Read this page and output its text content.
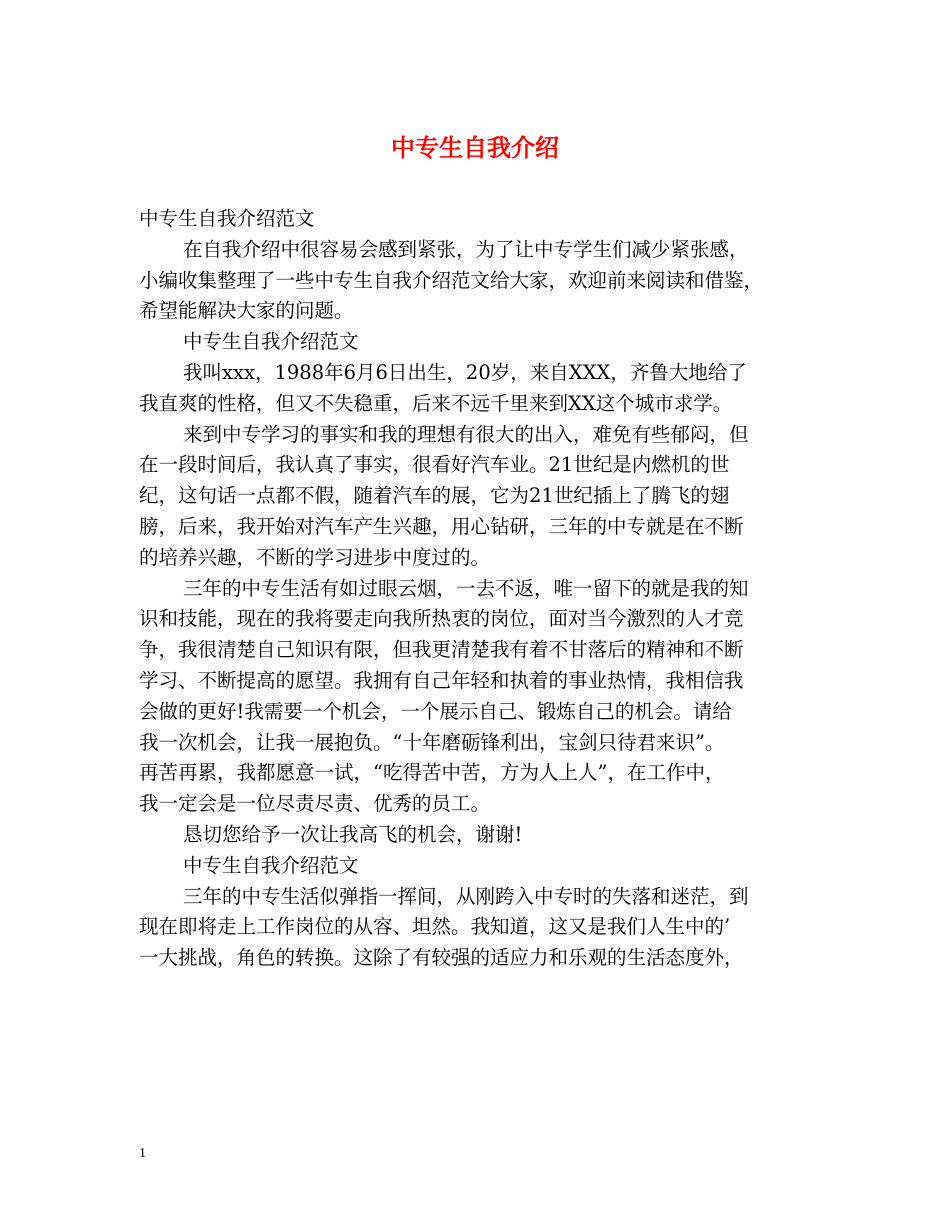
中专生自我介绍
中专生自我介绍范文
在自我介绍中很容易会感到紧张，为了让中专学生们减少紧张感，
小编收集整理了一些中专生自我介绍范文给大家，欢迎前来阅读和借鉴，
希望能解决大家的问题。
中专生自我介绍范文
我叫xxx，1988年6月6日出生，20岁，来自XXX，齐鲁大地给了
我直爽的性格，但又不失稳重，后来不远千里来到XX这个城市求学。
来到中专学习的事实和我的理想有很大的出入，难免有些郁闷，但
在一段时间后，我认真了事实，很看好汽车业。21世纪是内燃机的世
纪，这句话一点都不假，随着汽车的展，它为21世纪插上了腾飞的翅
膀，后来，我开始对汽车产生兴趣，用心钻研，三年的中专就是在不断
的培养兴趣，不断的学习进步中度过的。
三年的中专生活有如过眼云烟，一去不返，唯一留下的就是我的知
识和技能，现在的我将要走向我所热衷的岗位，面对当今激烈的人才竞
争，我很清楚自己知识有限，但我更清楚我有着不甘落后的精神和不断
学习、不断提高的愿望。我拥有自己年轻和执着的事业热情，我相信我
会做的更好!我需要一个机会，一个展示自己、锻炼自己的机会。请给
我一次机会，让我一展抱负。“十年磨砺锋利出，宝剑只待君来识”。
再苦再累，我都愿意一试，“吃得苦中苦，方为人上人”，在工作中，
我一定会是一位尽责尽责、优秀的员工。
恳切您给予一次让我高飞的机会，谢谢!
中专生自我介绍范文
三年的中专生活似弹指一挥间，从刚跨入中专时的失落和迷茫，到
现在即将走上工作岗位的从容、坦然。我知道，这又是我们人生中的’
一大挑战，角色的转换。这除了有较强的适应力和乐观的生活态度外，
1
